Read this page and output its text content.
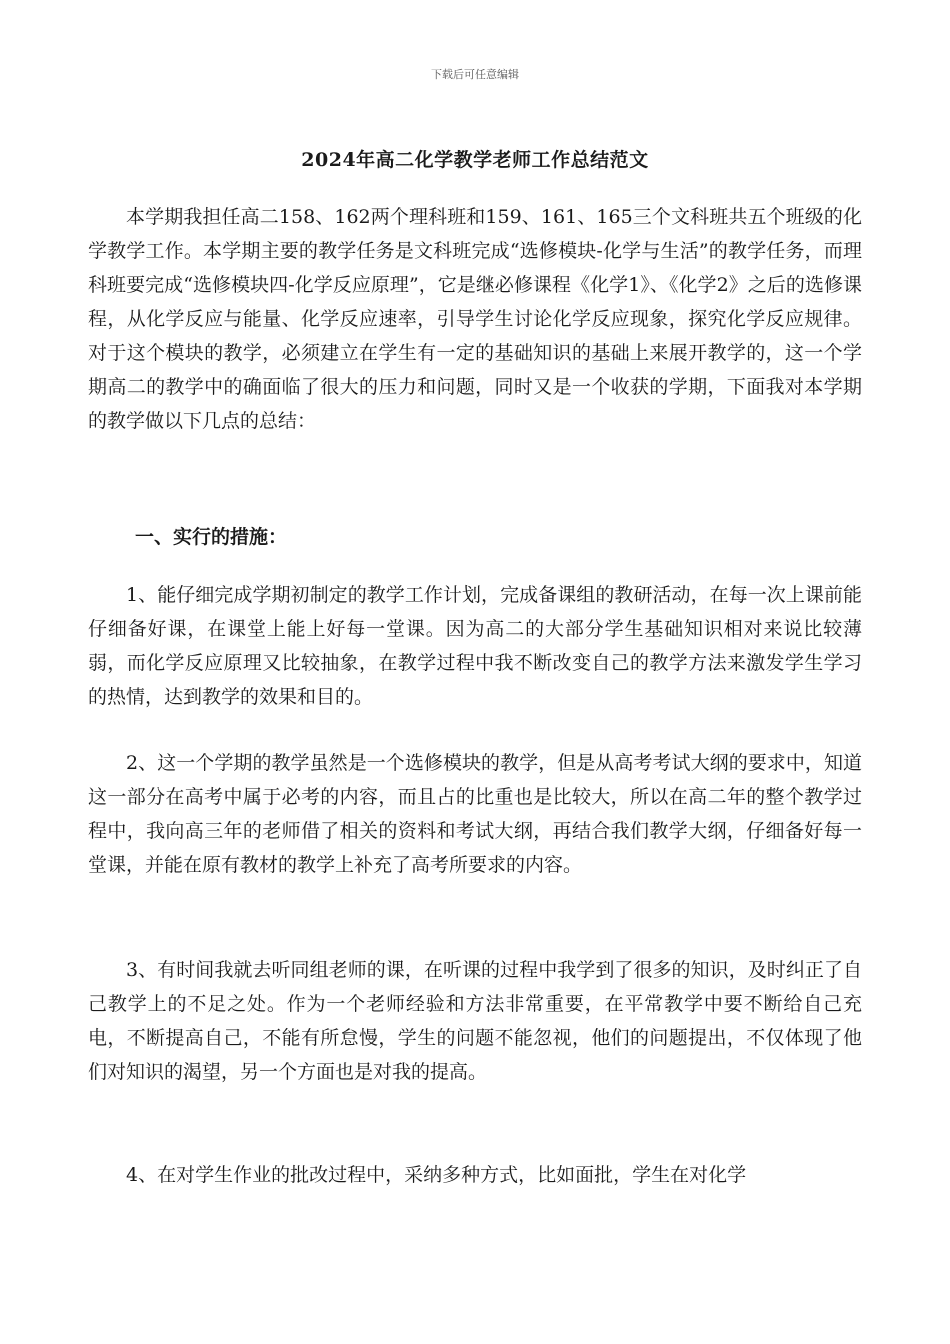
下载后可任意编辑
2024年高二化学教学老师工作总结范文

本学期我担任高二158、162两个理科班和159、161、165三个文科班共五个班级的化学教学工作。本学期主要的教学任务是文科班完成“选修模块-化学与生活”的教学任务，而理科班要完成“选修模块四-化学反应原理”，它是继必修课程《化学1》、《化学2》之后的选修课程，从化学反应与能量、化学反应速率，引导学生讨论化学反应现象，探究化学反应规律。对于这个模块的教学，必须建立在学生有一定的基础知识的基础上来展开教学的，这一个学期高二的教学中的确面临了很大的压力和问题，同时又是一个收获的学期，下面我对本学期的教学做以下几点的总结：

一、实行的措施：

1、能仔细完成学期初制定的教学工作计划，完成备课组的教研活动，在每一次上课前能仔细备好课，在课堂上能上好每一堂课。因为高二的大部分学生基础知识相对来说比较薄弱，而化学反应原理又比较抽象，在教学过程中我不断改变自己的教学方法来激发学生学习的热情，达到教学的效果和目的。

2、这一个学期的教学虽然是一个选修模块的教学，但是从高考考试大纲的要求中，知道这一部分在高考中属于必考的内容，而且占的比重也是比较大，所以在高二年的整个教学过程中，我向高三年的老师借了相关的资料和考试大纲，再结合我们教学大纲，仔细备好每一堂课，并能在原有教材的教学上补充了高考所要求的内容。

3、有时间我就去听同组老师的课，在听课的过程中我学到了很多的知识，及时纠正了自己教学上的不足之处。作为一个老师经验和方法非常重要，在平常教学中要不断给自己充电，不断提高自己，不能有所怠慢，学生的问题不能忽视，他们的问题提出，不仅体现了他们对知识的渴望，另一个方面也是对我的提高。

4、在对学生作业的批改过程中，采纳多种方式，比如面批，学生在对化学
